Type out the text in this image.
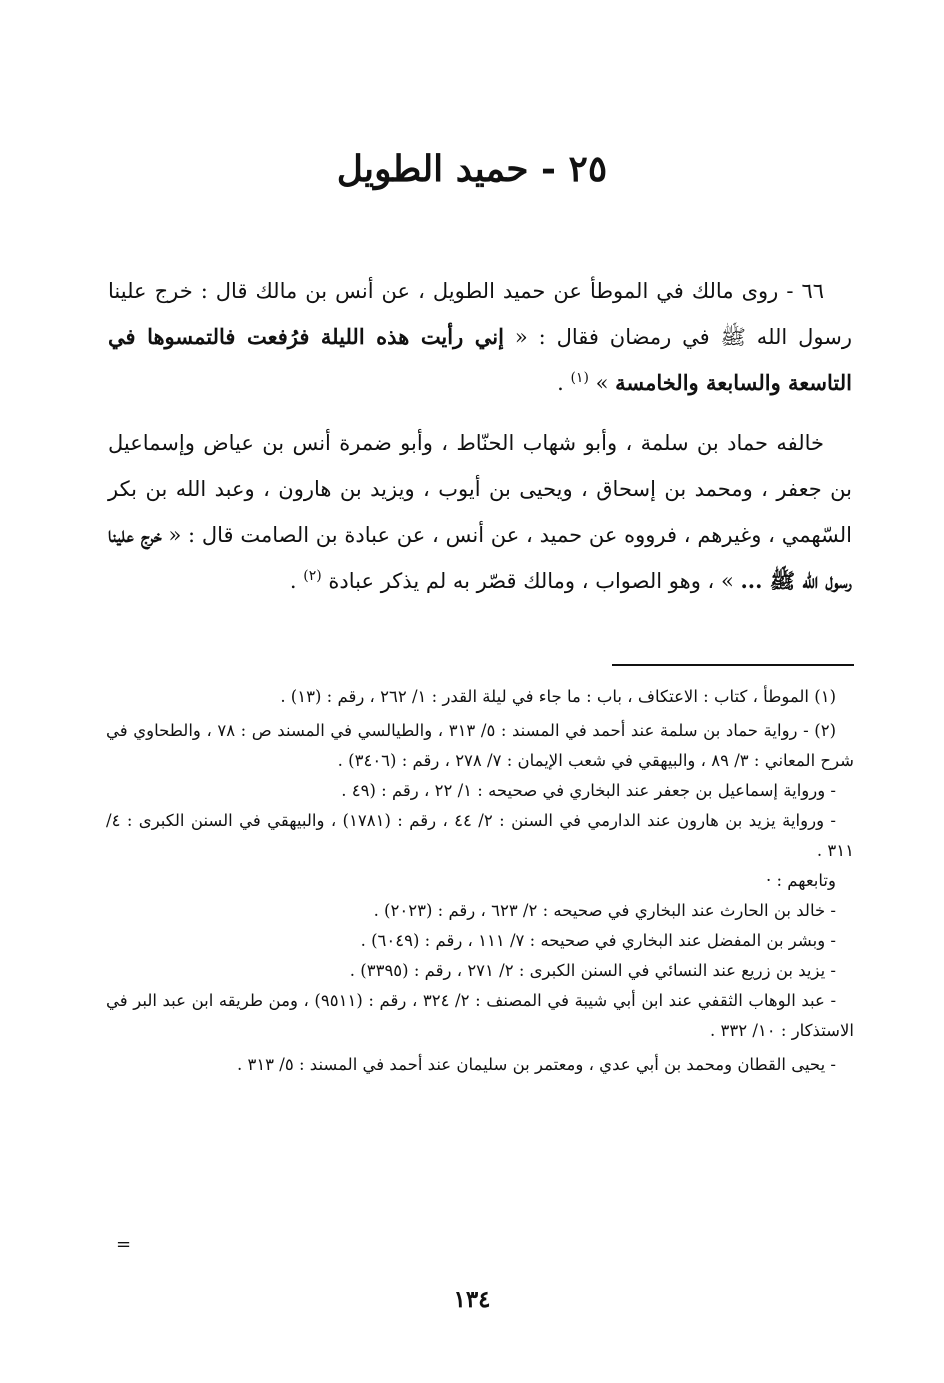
٢٥ - حميد الطويل

٦٦ - روى مالك في الموطأ عن حميد الطويل ، عن أنس بن مالك قال : خرج علينا رسول الله ﷺ في رمضان فقال : « إني رأيت هذه الليلة فرُفعت فالتمسوها في التاسعة والسابعة والخامسة » $^{(١)}$ .

خالفه حماد بن سلمة ، وأبو شهاب الحنّاط ، وأبو ضمرة أنس بن عياض وإسماعيل بن جعفر ، ومحمد بن إسحاق ، ويحيى بن أيوب ، ويزيد بن هارون ، وعبد الله بن بكر السّهمي ، وغيرهم ، فرووه عن حميد ، عن أنس ، عن عبادة بن الصامت قال : « خرج علينا رسول الله ﷺ ... » ، وهو الصواب ، ومالك قصّر به لم يذكر عبادة $^{(٢)}$ .

(١) الموطأ ، كتاب : الاعتكاف ، باب : ما جاء في ليلة القدر : ١/ ٢٦٢ ، رقم : (١٣) .

(٢) - رواية حماد بن سلمة عند أحمد في المسند : ٥/ ٣١٣ ، والطيالسي في المسند ص : ٧٨ ، والطحاوي في شرح المعاني : ٣/ ٨٩ ، والبيهقي في شعب الإيمان : ٧/ ٢٧٨ ، رقم : (٣٤٠٦) .

- ورواية إسماعيل بن جعفر عند البخاري في صحيحه : ١/ ٢٢ ، رقم : (٤٩ .

- ورواية يزيد بن هارون عند الدارمي في السنن : ٢/ ٤٤ ، رقم : (١٧٨١) ، والبيهقي في السنن الكبرى : ٤/ ٣١١ .

وتابعهم : ·

- خالد بن الحارث عند البخاري في صحيحه : ٢/ ٦٢٣ ، رقم : (٢٠٢٣) .

- وبشر بن المفضل عند البخاري في صحيحه : ٧/ ١١١ ، رقم : (٦٠٤٩) .

- يزيد بن زريع عند النسائي في السنن الكبرى : ٢/ ٢٧١ ، رقم : (٣٣٩٥) .

- عبد الوهاب الثقفي عند ابن أبي شيبة في المصنف : ٢/ ٣٢٤ ، رقم : (٩٥١١) ، ومن طريقه ابن عبد البر في الاستذكار : ١٠/ ٣٣٢ .

- يحيى القطان ومحمد بن أبي عدي ، ومعتمر بن سليمان عند أحمد في المسند : ٥/ ٣١٣ .

=
١٣٤
